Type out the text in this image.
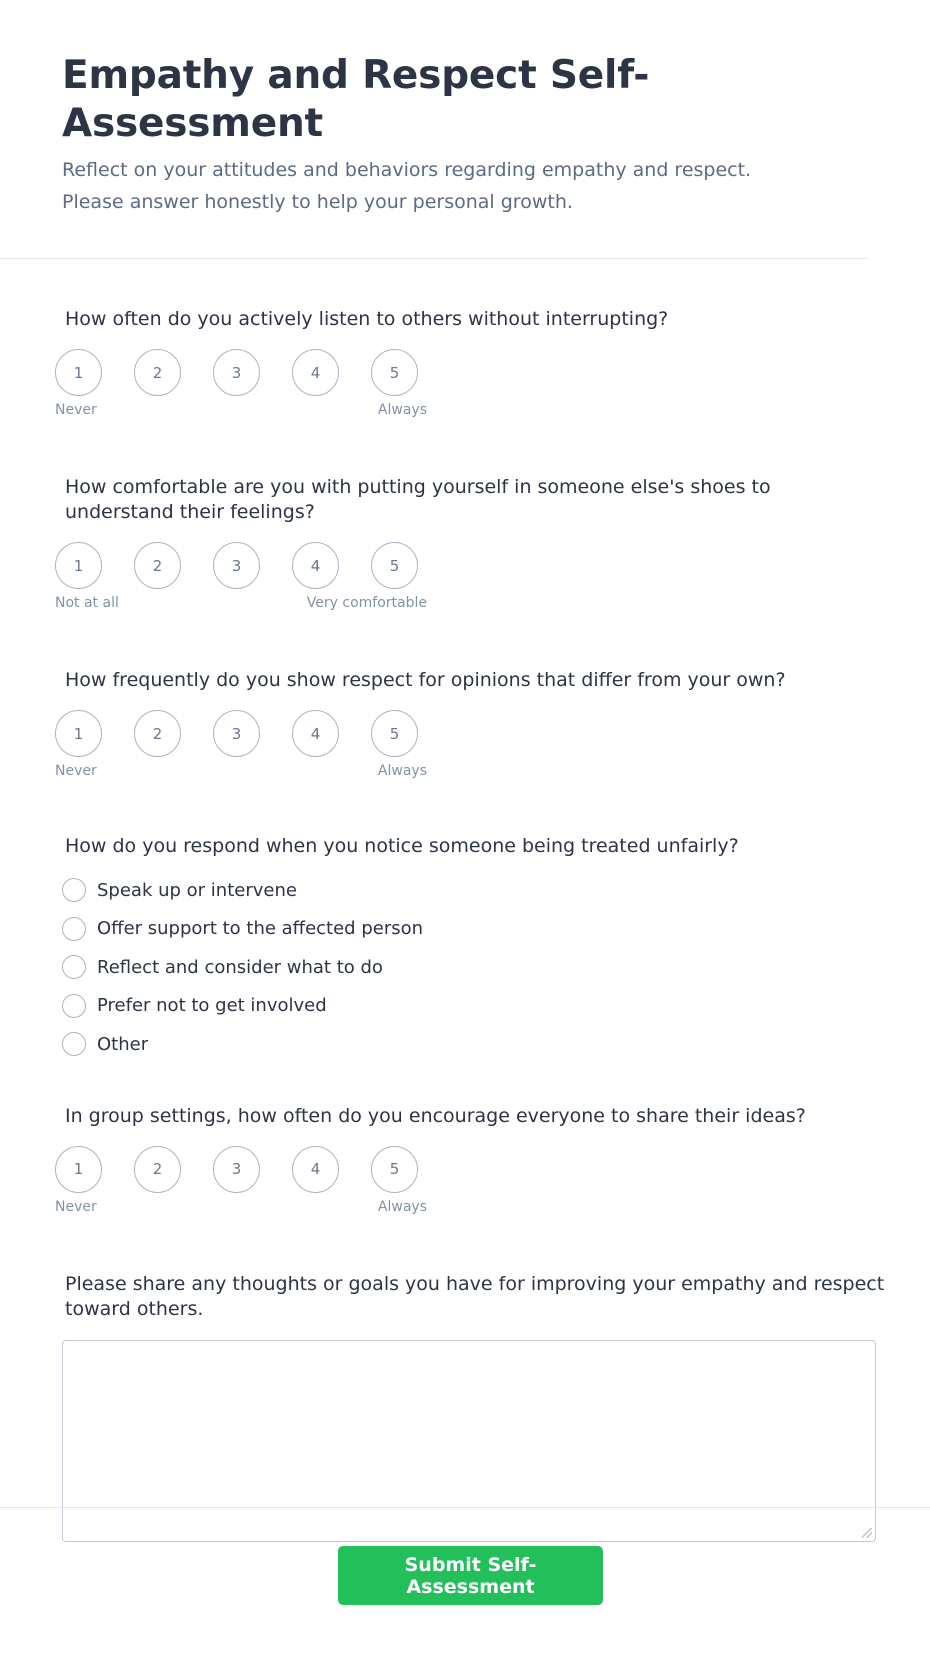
Empathy and Respect Self-Assessment

Reflect on your attitudes and behaviors regarding empathy and respect. Please answer honestly to help your personal growth.

How often do you actively listen to others without interrupting?

1	2	3	4	5
Never	Always

How comfortable are you with putting yourself in someone else's shoes to understand their feelings?

1	2	3	4	5
Not at all	Very comfortable

How frequently do you show respect for opinions that differ from your own?

1	2	3	4	5
Never	Always

How do you respond when you notice someone being treated unfairly?

Speak up or intervene
Offer support to the affected person
Reflect and consider what to do
Prefer not to get involved
Other

In group settings, how often do you encourage everyone to share their ideas?

1	2	3	4	5
Never	Always

Please share any thoughts or goals you have for improving your empathy and respect toward others.

Submit Self-Assessment
